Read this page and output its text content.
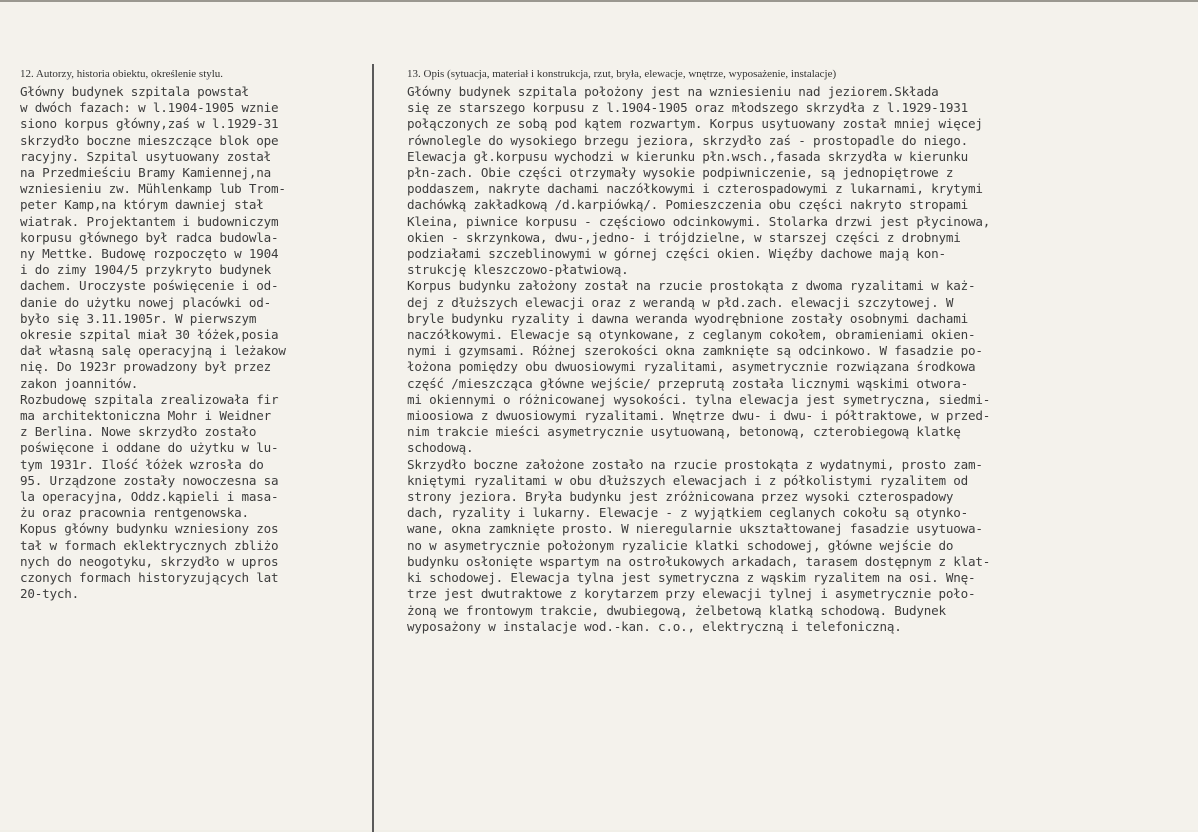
12. Autorzy, historia obiektu, określenie stylu.	13. Opis (sytuacja, materiał i konstrukcja, rzut, bryła, elewacje, wnętrze, wyposażenie, instalacje)
Główny budynek szpitala powstał
w dwóch fazach: w l.1904-1905 wznie
siono korpus główny,zaś w l.1929-31
skrzydło boczne mieszczące blok ope
racyjny. Szpital usytuowany został
na Przedmieściu Bramy Kamiennej,na
wzniesieniu zw. Mühlenkamp lub Trom-
peter Kamp,na którym dawniej stał
wiatrak. Projektantem i budowniczym
korpusu głównego był radca budowla-
ny Mettke. Budowę rozpoczęto w 1904
i do zimy 1904/5 przykryto budynek
dachem. Uroczyste poświęcenie i od-
danie do użytku nowej placówki od-
było się 3.11.1905r. W pierwszym
okresie szpital miał 30 łóżek,posia
dał własną salę operacyjną i leżakow
nię. Do 1923r prowadzony był przez
zakon joannitów.
Rozbudowę szpitala zrealizowała fir
ma architektoniczna Mohr i Weidner
z Berlina. Nowe skrzydło zostało
poświęcone i oddane do użytku w lu-
tym 1931r. Ilość łóżek wzrosła do
95. Urządzone zostały nowoczesna sa
la operacyjna, Oddz.kąpieli i masa-
żu oraz pracownia rentgenowska.
Kopus główny budynku wzniesiony zos
tał w formach eklektrycznych zbliżo
nych do neogotyku, skrzydło w upros
czonych formach historyzujących lat
20-tych.
Główny budynek szpitala położony jest na wzniesieniu nad jeziorem.Składa
się ze starszego korpusu z l.1904-1905 oraz młodszego skrzydła z l.1929-1931
połączonych ze sobą pod kątem rozwartym. Korpus usytuowany został mniej więcej
równolegle do wysokiego brzegu jeziora, skrzydło zaś - prostopadle do niego.
Elewacja gł.korpusu wychodzi w kierunku płn.wsch.,fasada skrzydła w kierunku
płn-zach. Obie części otrzymały wysokie podpiwniczenie, są jednopiętrowe z
poddaszem, nakryte dachami naczółkowymi i czterospadowymi z lukarnami, krytymi
dachówką zakładkową /d.karpiówką/. Pomieszczenia obu części nakryto stropami
Kleina, piwnice korpusu - częściowo odcinkowymi. Stolarka drzwi jest płycinowa,
okien - skrzynkowa, dwu-,jedno- i trójdzielne, w starszej części z drobnymi
podziałami szczeblinowymi w górnej części okien. Więźby dachowe mają kon-
strukcję kleszczowo-płatwiową.
Korpus budynku założony został na rzucie prostokąta z dwoma ryzalitami w każ-
dej z dłuższych elewacji oraz z werandą w płd.zach. elewacji szczytowej. W
bryle budynku ryzality i dawna weranda wyodrębnione zostały osobnymi dachami
naczółkowymi. Elewacje są otynkowane, z ceglanym cokołem, obramieniami okien-
nymi i gzymsami. Różnej szerokości okna zamknięte są odcinkowo. W fasadzie po-
łożona pomiędzy obu dwuosiowymi ryzalitami, asymetrycznie rozwiązana środkowa
część /mieszcząca główne wejście/ przeprutą została licznymi wąskimi otwora-
mi okiennymi o różnicowanej wysokości. tylna elewacja jest symetryczna, siedmi-
mioosiowa z dwuosiowymi ryzalitami. Wnętrze dwu- i dwu- i półtraktowe, w przed-
nim trakcie mieści asymetrycznie usytuowaną, betonową, czterobiegową klatkę
schodową.
Skrzydło boczne założone zostało na rzucie prostokąta z wydatnymi, prosto zam-
kniętymi ryzalitami w obu dłuższych elewacjach i z półkolistymi ryzalitem od
strony jeziora. Bryła budynku jest zróżnicowana przez wysoki czterospadowy
dach, ryzality i lukarny. Elewacje - z wyjątkiem ceglanych cokołu są otynko-
wane, okna zamknięte prosto. W nieregularnie ukształtowanej fasadzie usytuowa-
no w asymetrycznie położonym ryzalicie klatki schodowej, główne wejście do
budynku osłonięte wspartym na ostrołukowych arkadach, tarasem dostępnym z klat-
ki schodowej. Elewacja tylna jest symetryczna z wąskim ryzalitem na osi. Wnę-
trze jest dwutraktowe z korytarzem przy elewacji tylnej i asymetrycznie poło-
żoną we frontowym trakcie, dwubiegową, żelbetową klatką schodową. Budynek
wyposażony w instalacje wod.-kan. c.o., elektryczną i telefoniczną.
